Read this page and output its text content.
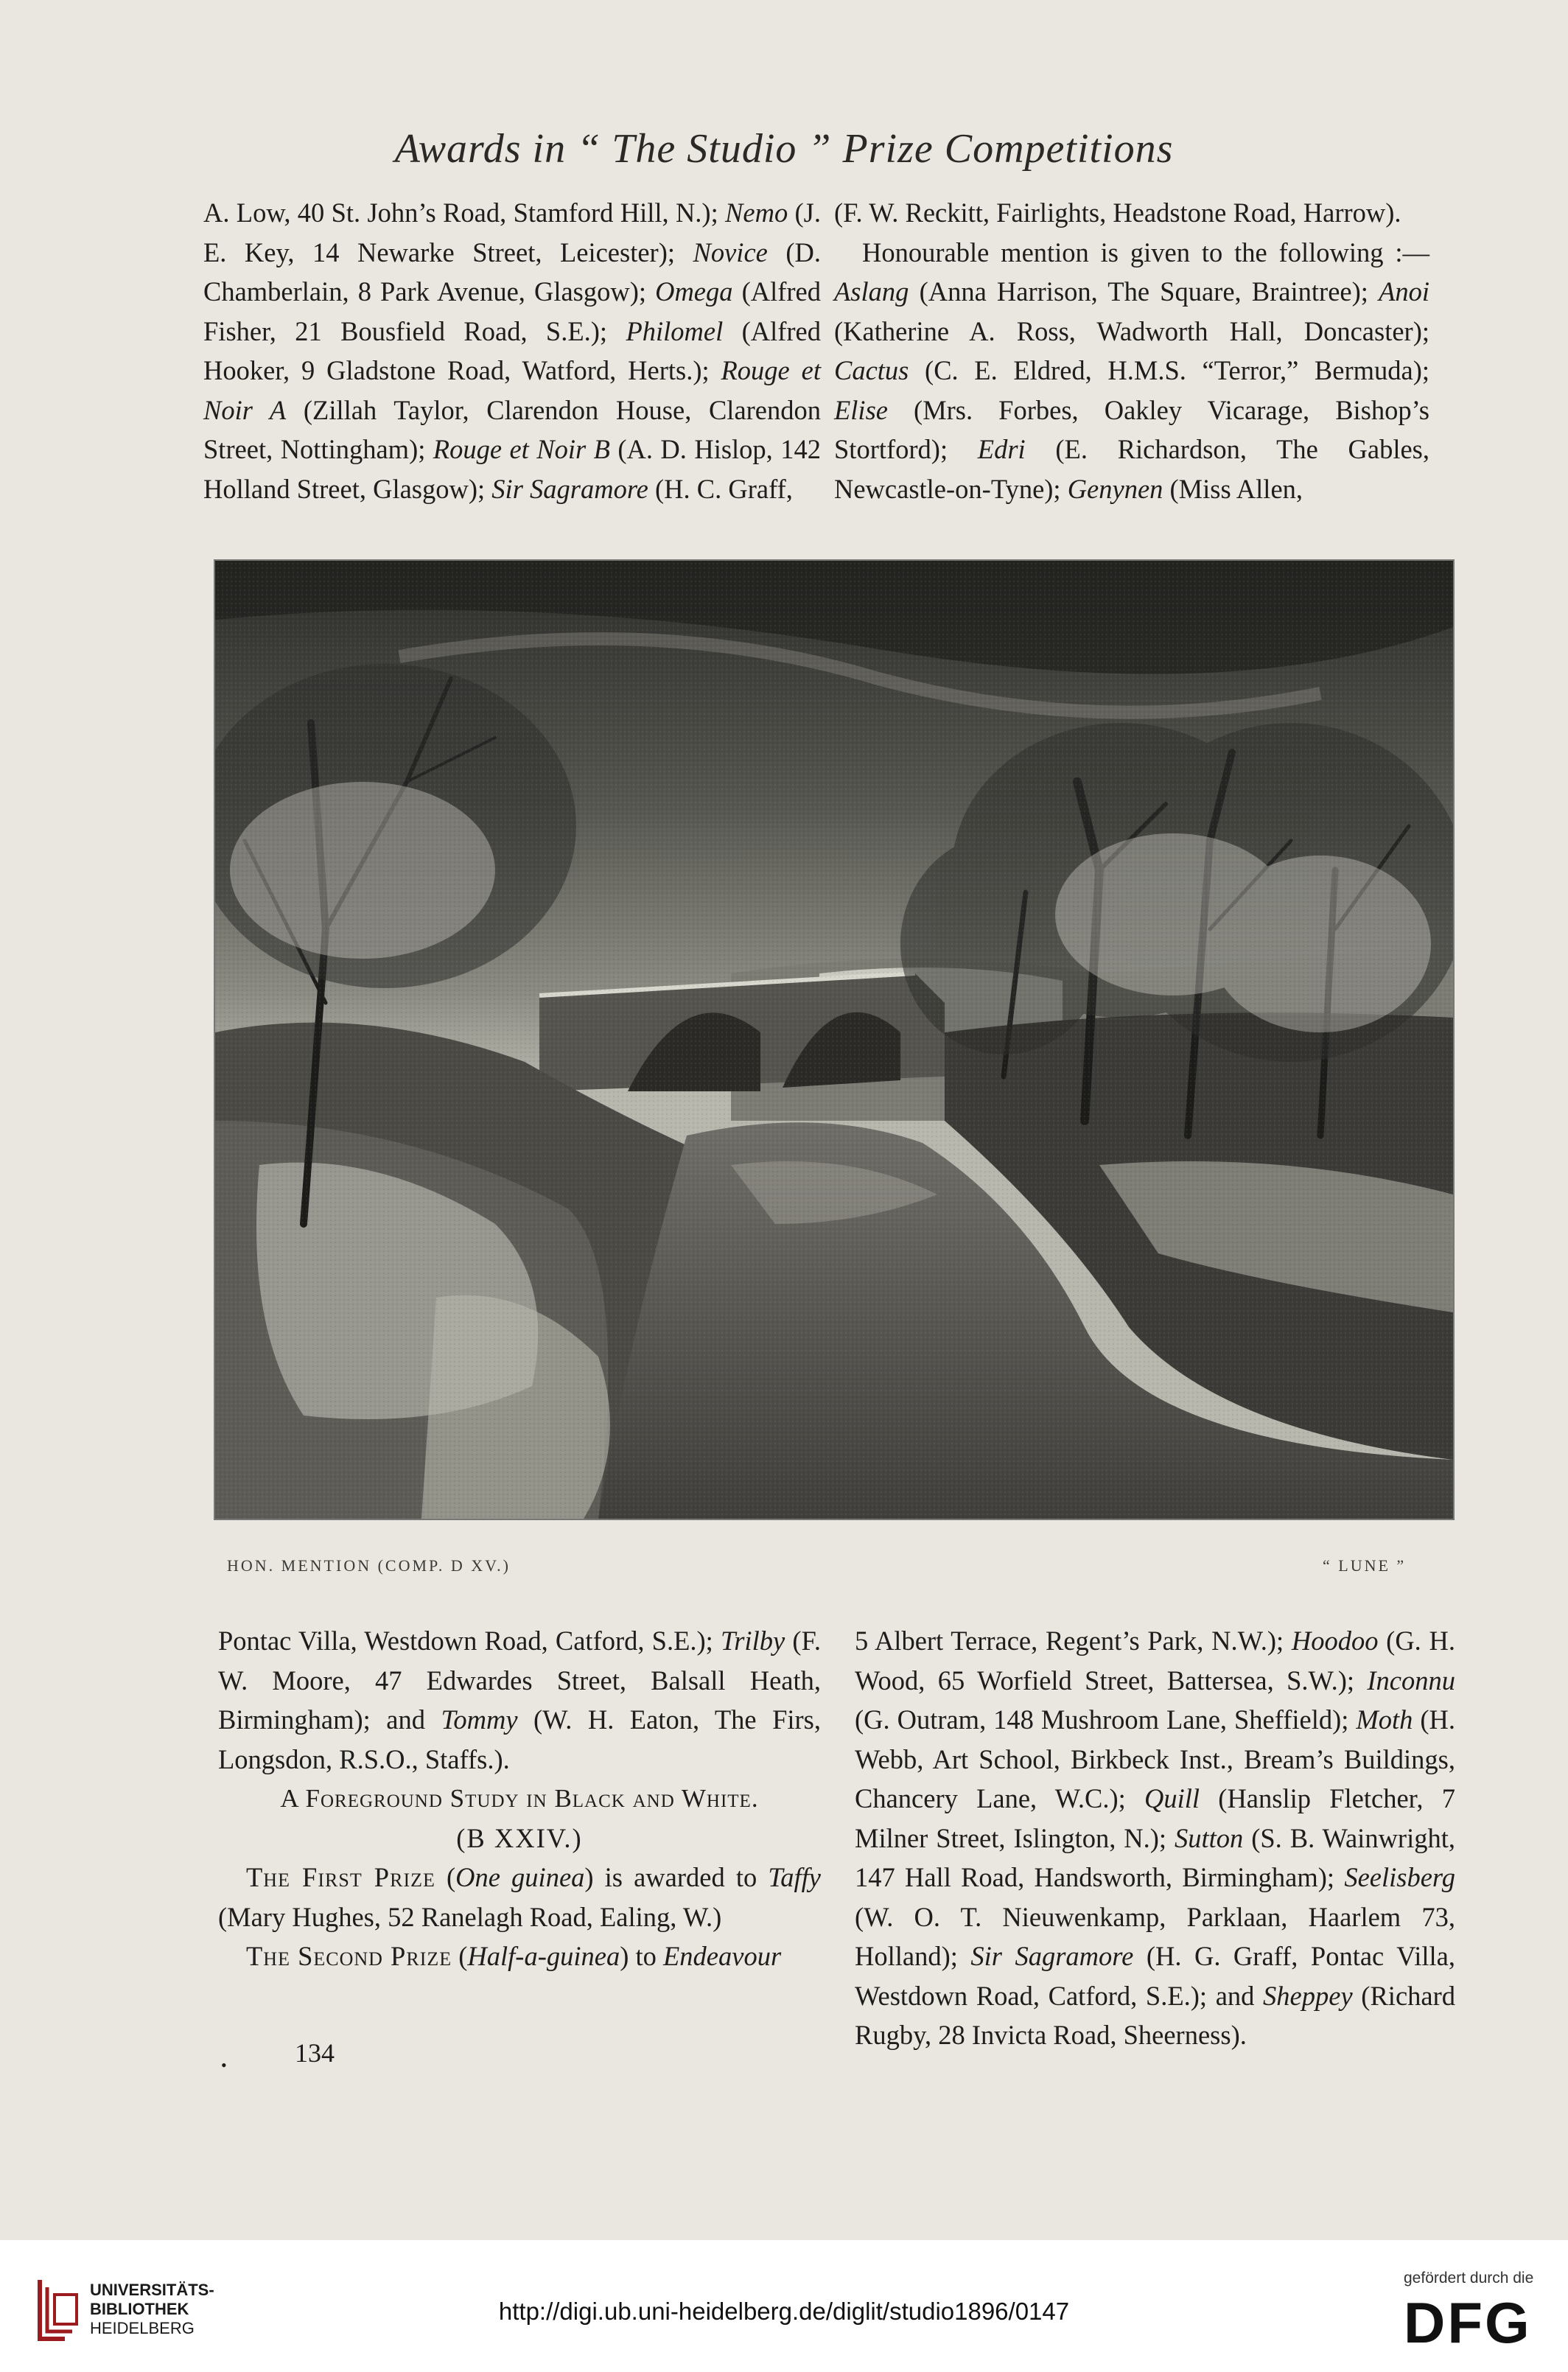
Awards in “ The Studio ” Prize Competitions

A. Low, 40 St. John’s Road, Stamford Hill, N.); Nemo (J. E. Key, 14 Newarke Street, Leicester); Novice (D. Chamberlain, 8 Park Avenue, Glasgow); Omega (Alfred Fisher, 21 Bousfield Road, S.E.); Philomel (Alfred Hooker, 9 Gladstone Road, Watford, Herts.); Rouge et Noir A (Zillah Taylor, Clarendon House, Clarendon Street, Nottingham); Rouge et Noir B (A. D. Hislop, 142 Holland Street, Glasgow); Sir Sagramore (H. C. Graff,

(F. W. Reckitt, Fairlights, Headstone Road, Harrow).

Honourable mention is given to the following :— Aslang (Anna Harrison, The Square, Braintree); Anoi (Katherine A. Ross, Wadworth Hall, Doncaster); Cactus (C. E. Eldred, H.M.S. “Terror,” Bermuda); Elise (Mrs. Forbes, Oakley Vicarage, Bishop’s Stortford); Edri (E. Richardson, The Gables, Newcastle-on-Tyne); Genynen (Miss Allen,

HON. MENTION (COMP. D XV.)	“ LUNE ”

Pontac Villa, Westdown Road, Catford, S.E.); Trilby (F. W. Moore, 47 Edwardes Street, Balsall Heath, Birmingham); and Tommy (W. H. Eaton, The Firs, Longsdon, R.S.O., Staffs.).

A Foreground Study in Black and White.

(B XXIV.)

The First Prize (One guinea) is awarded to Taffy (Mary Hughes, 52 Ranelagh Road, Ealing, W.)

The Second Prize (Half-a-guinea) to Endeavour

5 Albert Terrace, Regent’s Park, N.W.); Hoodoo (G. H. Wood, 65 Worfield Street, Battersea, S.W.); Inconnu (G. Outram, 148 Mushroom Lane, Sheffield); Moth (H. Webb, Art School, Birkbeck Inst., Bream’s Buildings, Chancery Lane, W.C.); Quill (Hanslip Fletcher, 7 Milner Street, Islington, N.); Sutton (S. B. Wainwright, 147 Hall Road, Handsworth, Birmingham); Seelisberg (W. O. T. Nieuwenkamp, Parklaan, Haarlem 73, Holland); Sir Sagramore (H. G. Graff, Pontac Villa, Westdown Road, Catford, S.E.); and Sheppey (Richard Rugby, 28 Invicta Road, Sheerness).

•	134
UNIVERSITÄTS-
BIBLIOTHEK
HEIDELBERG
http://digi.ub.uni-heidelberg.de/diglit/studio1896/0147
gefördert durch die
DFG
